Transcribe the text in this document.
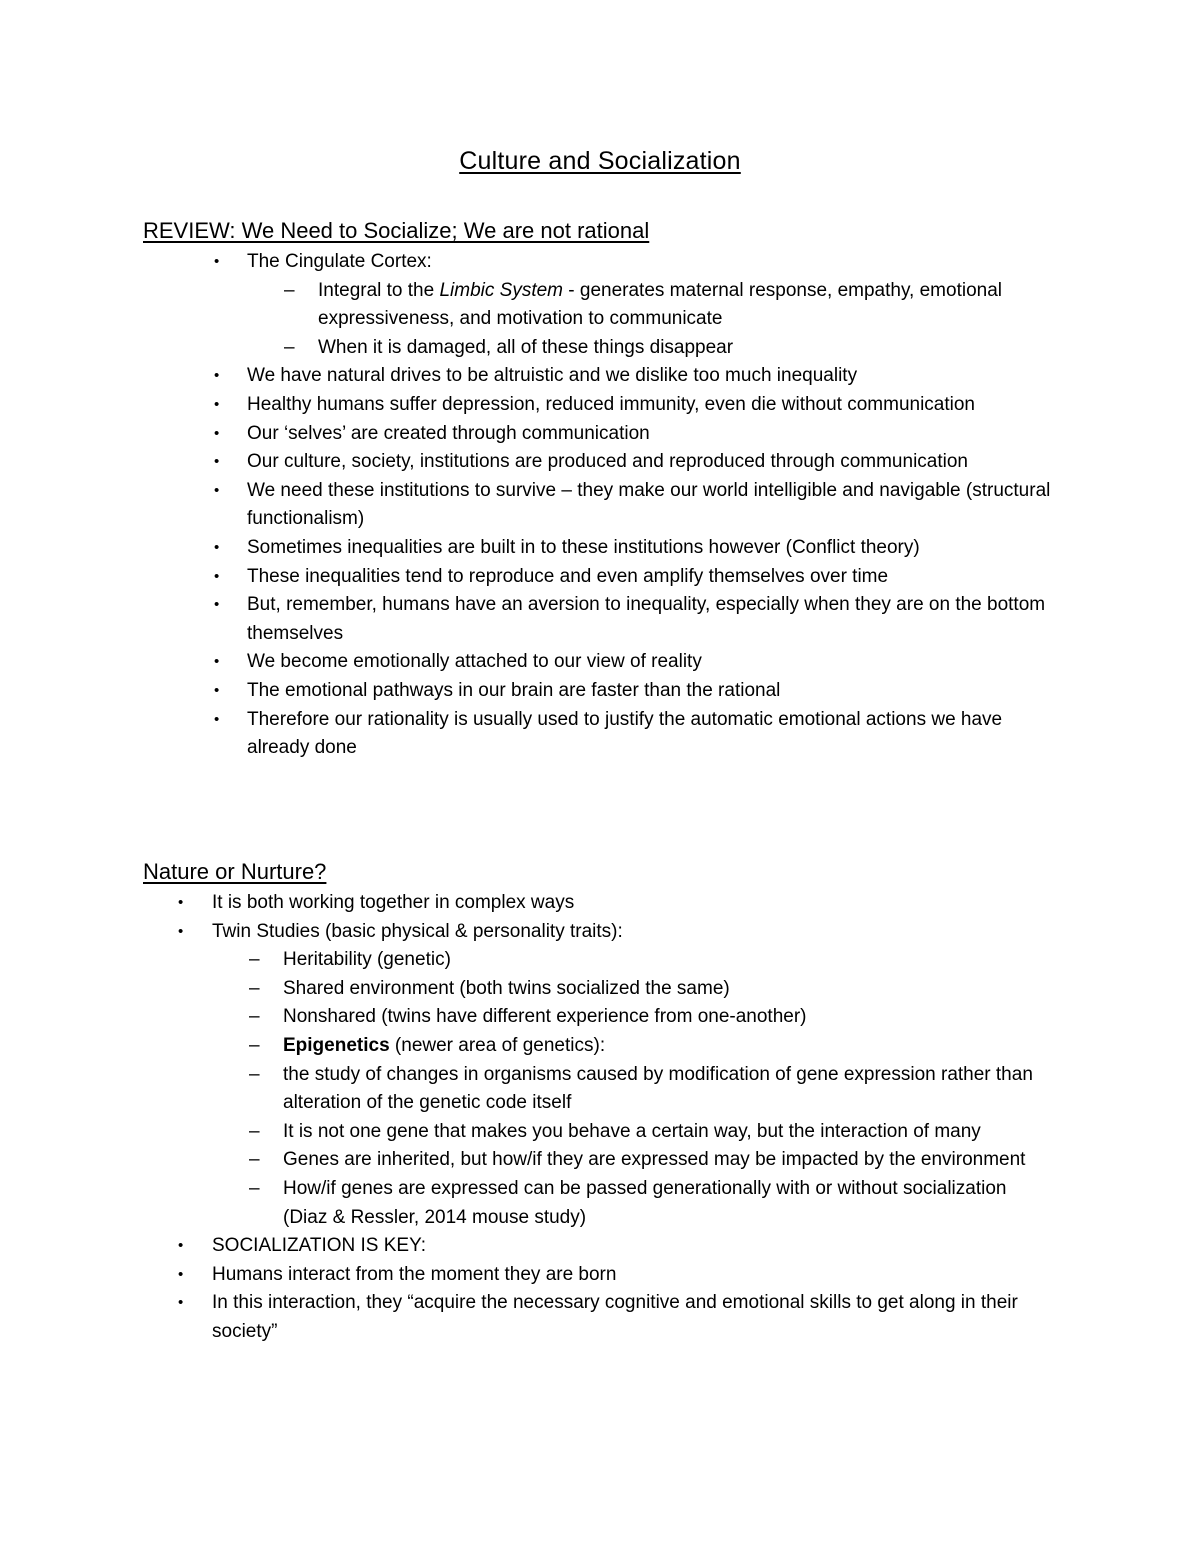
Culture and Socialization
REVIEW: We Need to Socialize; We are not rational
• The Cingulate Cortex:
– Integral to the Limbic System - generates maternal response, empathy, emotional expressiveness, and motivation to communicate
– When it is damaged, all of these things disappear
• We have natural drives to be altruistic and we dislike too much inequality
• Healthy humans suffer depression, reduced immunity, even die without communication
• Our ‘selves’ are created through communication
• Our culture, society, institutions are produced and reproduced through communication
• We need these institutions to survive – they make our world intelligible and navigable (structural functionalism)
• Sometimes inequalities are built in to these institutions however (Conflict theory)
• These inequalities tend to reproduce and even amplify themselves over time
• But, remember, humans have an aversion to inequality, especially when they are on the bottom themselves
• We become emotionally attached to our view of reality
• The emotional pathways in our brain are faster than the rational
• Therefore our rationality is usually used to justify the automatic emotional actions we have already done
Nature or Nurture?
• It is both working together in complex ways
• Twin Studies (basic physical & personality traits):
– Heritability (genetic)
– Shared environment (both twins socialized the same)
– Nonshared (twins have different experience from one-another)
– Epigenetics (newer area of genetics):
– the study of changes in organisms caused by modification of gene expression rather than alteration of the genetic code itself
– It is not one gene that makes you behave a certain way, but the interaction of many
– Genes are inherited, but how/if they are expressed may be impacted by the environment
– How/if genes are expressed can be passed generationally with or without socialization (Diaz & Ressler, 2014 mouse study)
• SOCIALIZATION IS KEY:
• Humans interact from the moment they are born
• In this interaction, they “acquire the necessary cognitive and emotional skills to get along in their society”
